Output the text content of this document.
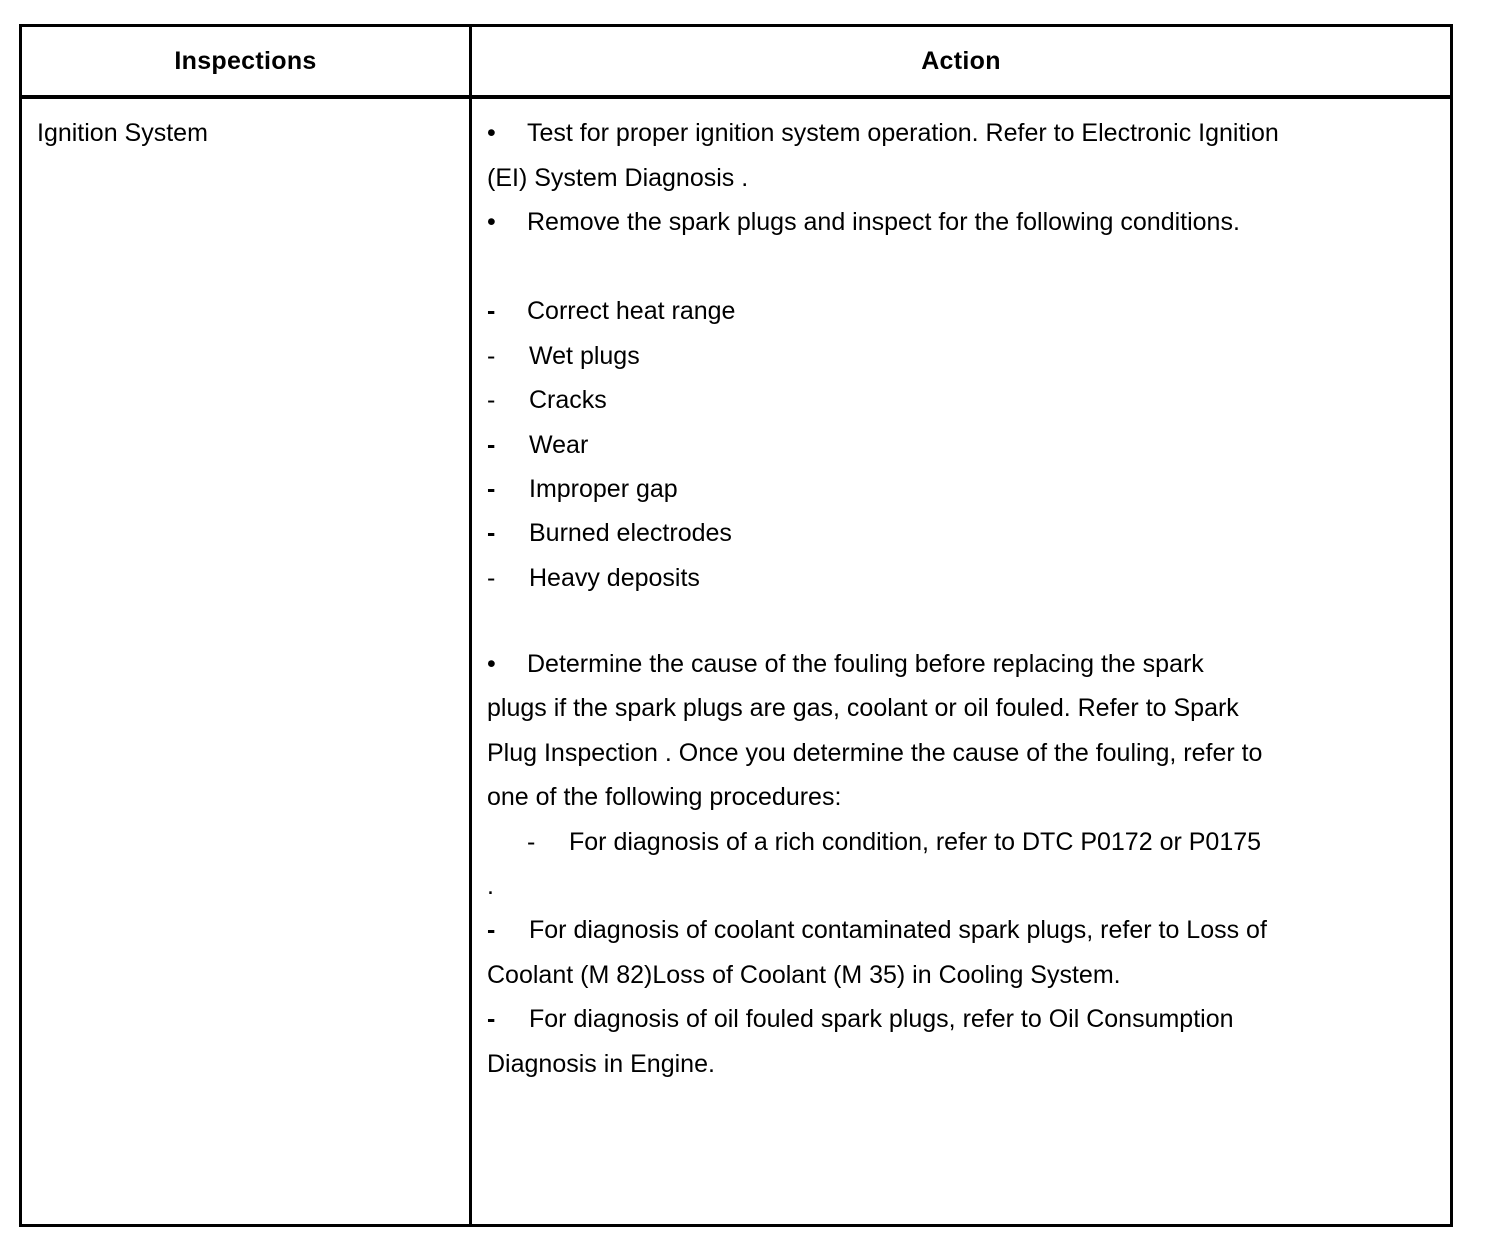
Inspections	Action
Ignition System	• Test for proper ignition system operation. Refer to Electronic Ignition
(EI) System Diagnosis .
• Remove the spark plugs and inspect for the following conditions.
- Correct heat range
- Wet plugs
- Cracks
- Wear
- Improper gap
- Burned electrodes
- Heavy deposits
• Determine the cause of the fouling before replacing the spark
plugs if the spark plugs are gas, coolant or oil fouled. Refer to Spark
Plug Inspection . Once you determine the cause of the fouling, refer to
one of the following procedures:
- For diagnosis of a rich condition, refer to DTC P0172 or P0175
.
- For diagnosis of coolant contaminated spark plugs, refer to Loss of
Coolant (M 82)Loss of Coolant (M 35) in Cooling System.
- For diagnosis of oil fouled spark plugs, refer to Oil Consumption
Diagnosis in Engine.
